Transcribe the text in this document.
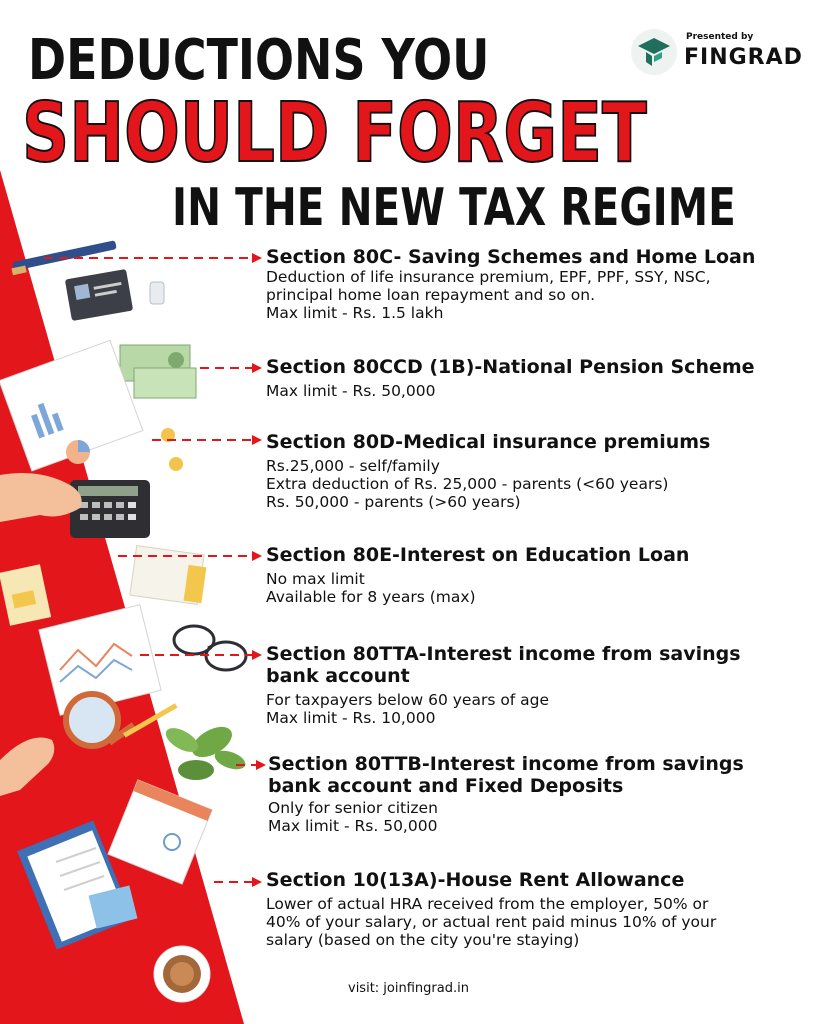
DEDUCTIONS YOU
SHOULD FORGET
IN THE NEW TAX REGIME
Presented by
FINGRAD
Section 80C- Saving Schemes and Home Loan
Deduction of life insurance premium, EPF, PPF, SSY, NSC,
principal home loan repayment and so on.
Max limit - Rs. 1.5 lakh
Section 80CCD (1B)-National Pension Scheme
Max limit - Rs. 50,000
Section 80D-Medical insurance premiums
Rs.25,000 - self/family
Extra deduction of Rs. 25,000 - parents (<60 years)
Rs. 50,000 - parents (>60 years)
Section 80E-Interest on Education Loan
No max limit
Available for 8 years (max)
Section 80TTA-Interest income from savings
bank account
For taxpayers below 60 years of age
Max limit - Rs. 10,000
Section 80TTB-Interest income from savings
bank account and Fixed Deposits
Only for senior citizen
Max limit - Rs. 50,000
Section 10(13A)-House Rent Allowance
Lower of actual HRA received from the employer, 50% or
40% of your salary, or actual rent paid minus 10% of your
salary (based on the city you're staying)
visit: joinfingrad.in
